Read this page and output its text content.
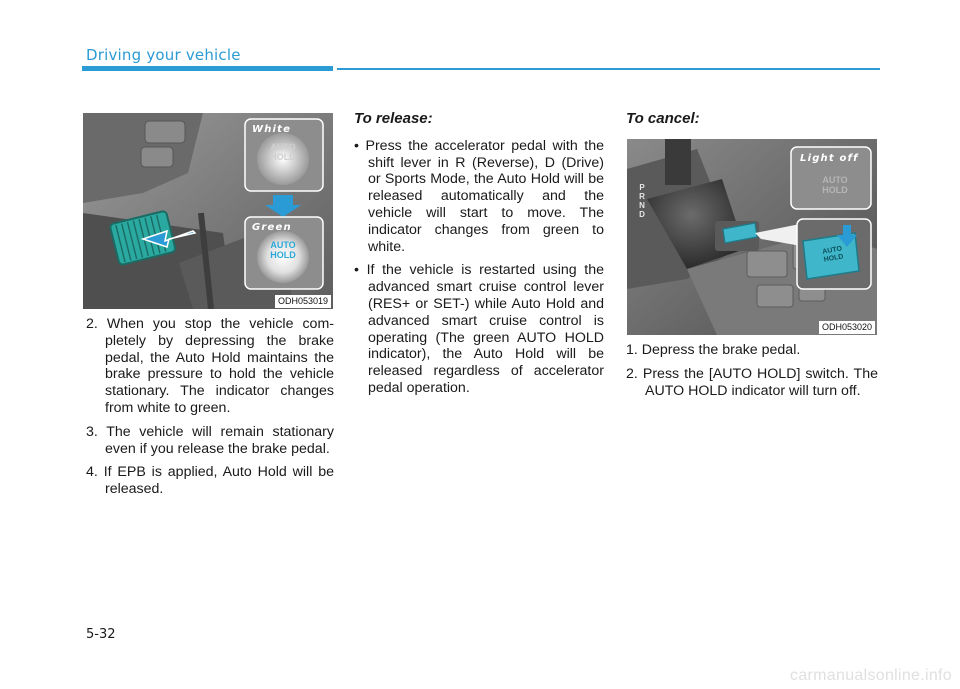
Driving your vehicle
White
AUTO
HOLD
Green
AUTO
HOLD
ODH053019

2. When you stop the vehicle com-pletely by depressing the brake pedal, the Auto Hold maintains the brake pressure to hold the vehicle stationary. The indicator changes from white to green.

3. The vehicle will remain stationary even if you release the brake pedal.

4. If EPB is applied, Auto Hold will be released.

To release:

• Press the accelerator pedal with the shift lever in R (Reverse), D (Drive) or Sports Mode, the Auto Hold will be released automatically and the vehicle will start to move. The indicator changes from green to white.

• If the vehicle is restarted using the advanced smart cruise control lever (RES+ or SET-) while Auto Hold and advanced smart cruise control is operating (The green AUTO HOLD indicator), the Auto Hold will be released regardless of accelerator pedal operation.

To cancel:

P
R
N
D
Light off
AUTO
HOLD
AUTO
HOLD
ODH053020

1. Depress the brake pedal.

2. Press the [AUTO HOLD] switch. The AUTO HOLD indicator will turn off.

5-32
carmanualsonline.info
